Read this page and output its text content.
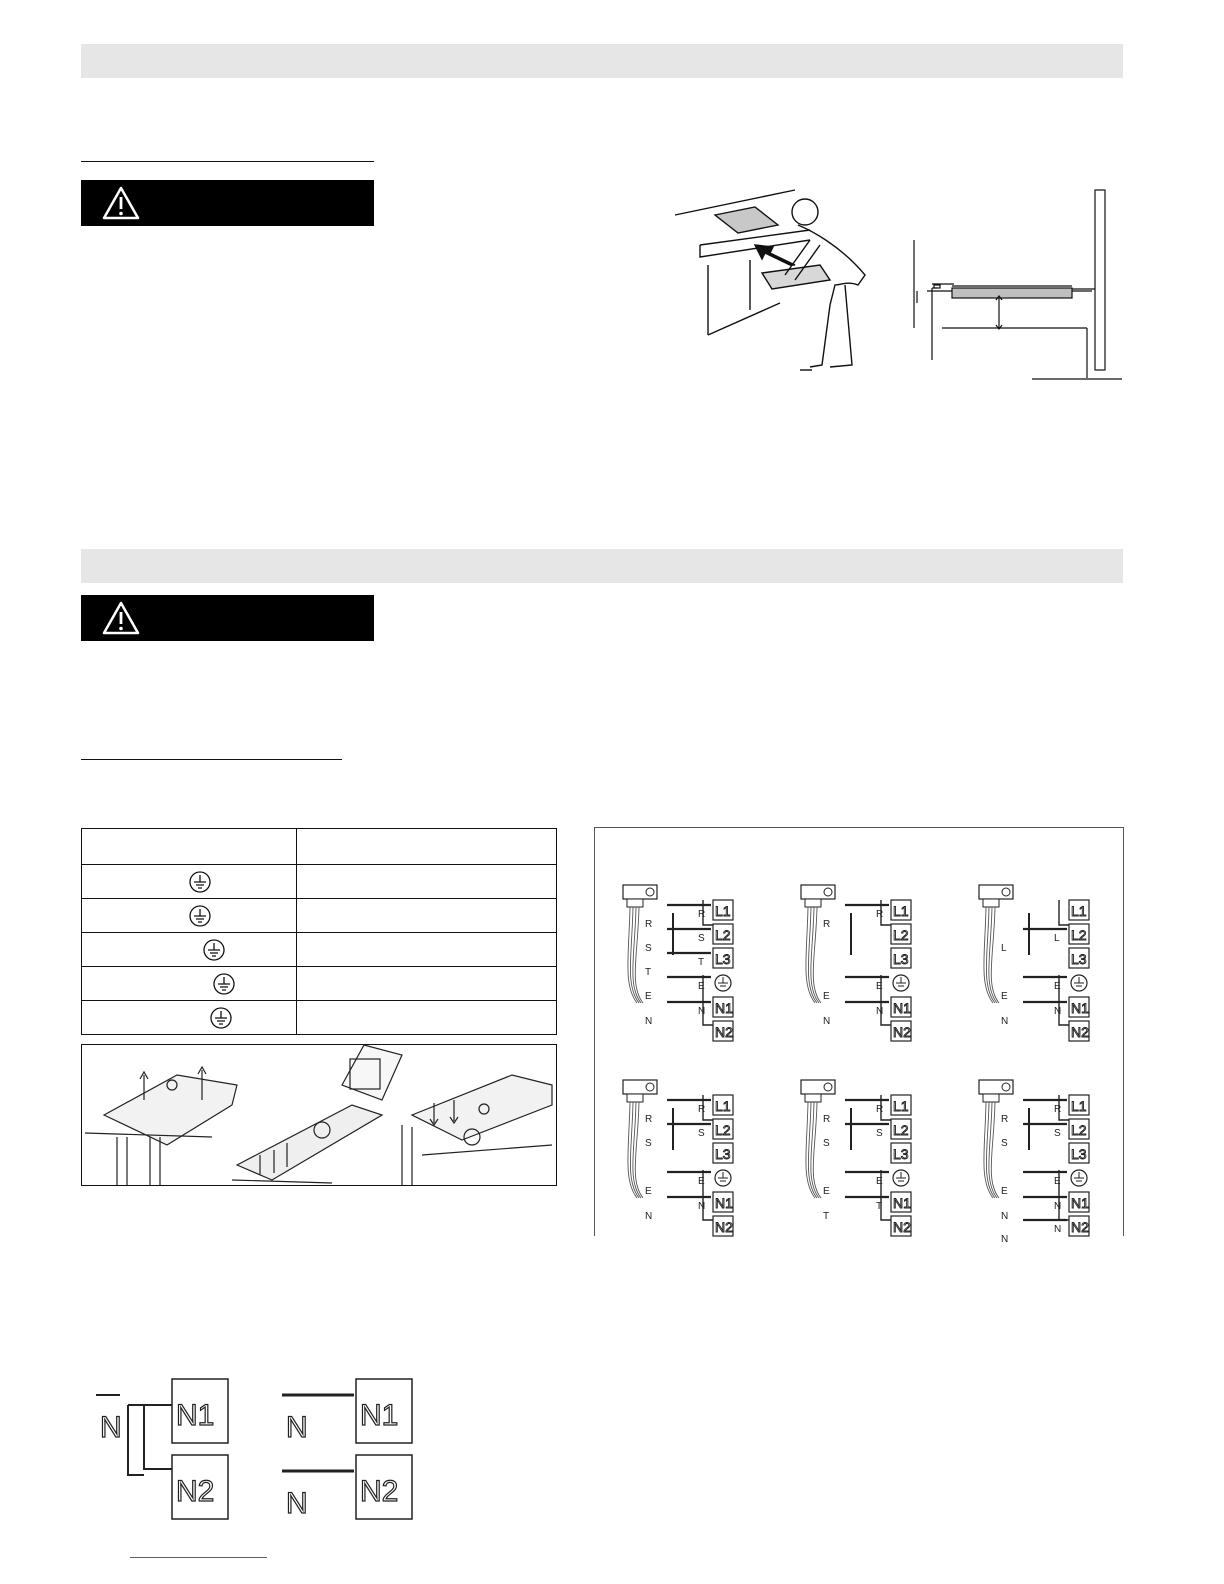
L1
L2
L3
N1
N2
R
R
S
S
T
T
E
E
N
N
L1
L2
L3
N1
N2
R
R
E
E
N
N
L1
L2
L3
N1
N2
L
L
E
E
N
N
L1
L2
L3
N1
N2
R
R
S
S
E
E
N
N
L1
L2
L3
N1
N2
R
R
S
S
E
E
T
T
L1
L2
L3
N1
N2
R
R
S
S
E
E
N
N
N
N
N N1
N2
N
N
N1
N2
